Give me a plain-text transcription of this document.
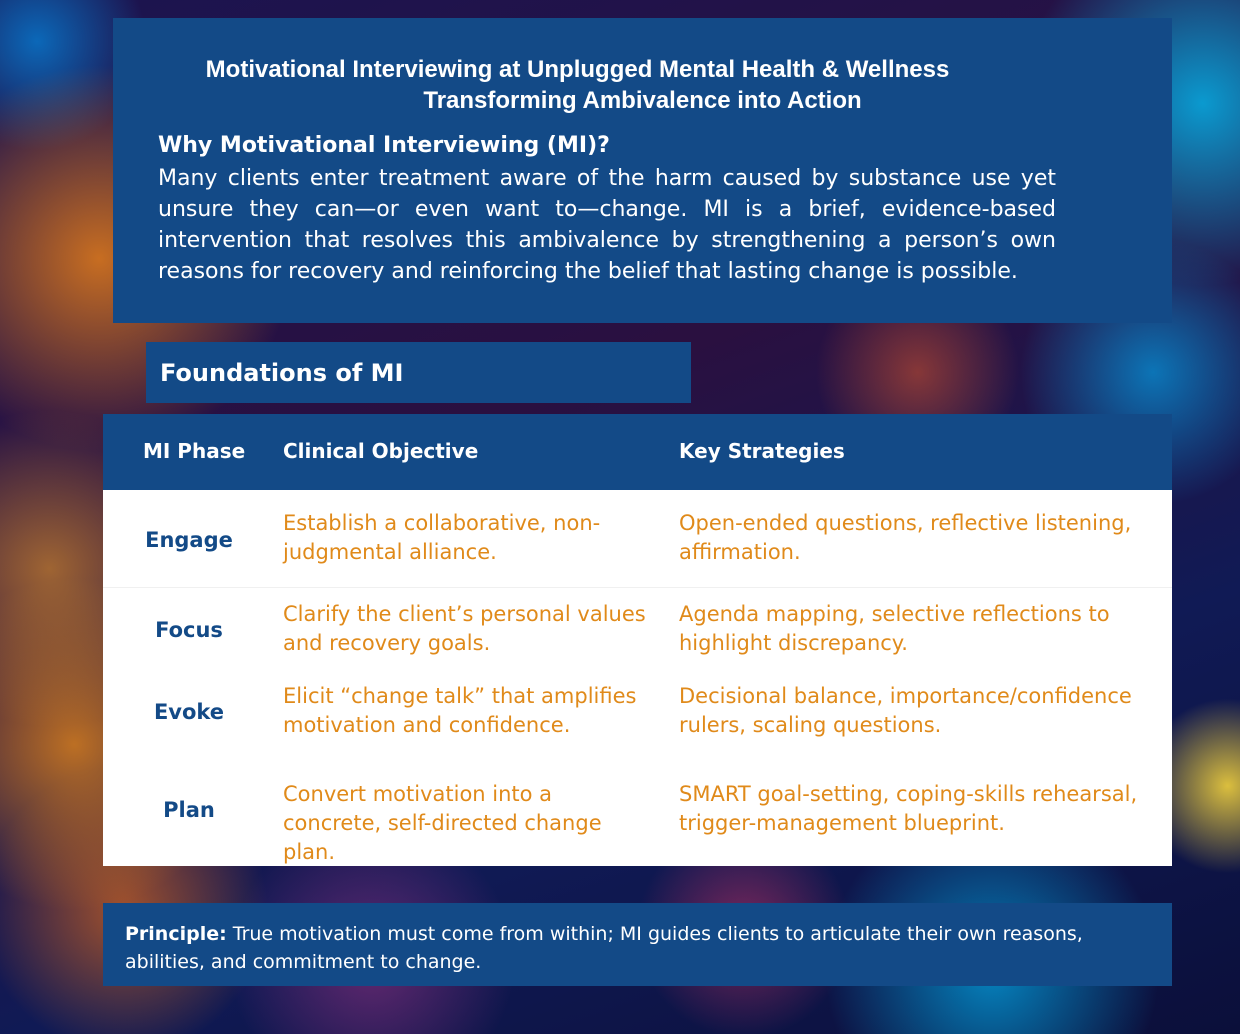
Motivational Interviewing at Unplugged Mental Health & Wellness
Transforming Ambivalence into Action
Why Motivational Interviewing (MI)?
Many clients enter treatment aware of the harm caused by substance use yet unsure they can—or even want to—change. MI is a brief, evidence-based intervention that resolves this ambivalence by strengthening a person’s own reasons for recovery and reinforcing the belief that lasting change is possible.
Foundations of MI
MI Phase Clinical Objective	Key Strategies
Engage
Establish a collaborative, non-judgmental alliance.
Open-ended questions, reflective listening, affirmation.
Focus
Clarify the client’s personal values and recovery goals.
Agenda mapping, selective reflections to highlight discrepancy.
Evoke
Elicit “change talk” that amplifies motivation and confidence.
Decisional balance, importance/confidence rulers, scaling questions.
Plan
Convert motivation into a concrete, self-directed change plan.
SMART goal-setting, coping-skills rehearsal, trigger-management blueprint.
Principle: True motivation must come from within; MI guides clients to articulate their own reasons, abilities, and commitment to change.
